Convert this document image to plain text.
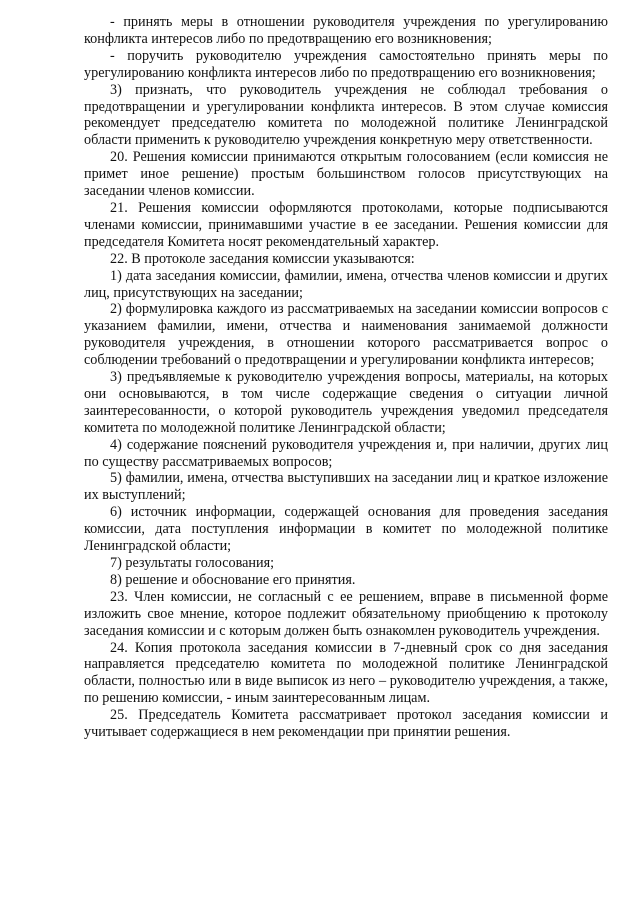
- принять меры в отношении руководителя учреждения по урегулированию конфликта интересов либо по предотвращению его возникновения;

- поручить руководителю учреждения самостоятельно принять меры по урегулированию конфликта интересов либо по предотвращению его возникновения;

3) признать, что руководитель учреждения не соблюдал требования о предотвращении и урегулировании конфликта интересов. В этом случае комиссия рекомендует председателю комитета по молодежной политике Ленинградской области применить к руководителю учреждения конкретную меру ответственности.

20. Решения комиссии принимаются открытым голосованием (если комиссия не примет иное решение) простым большинством голосов присутствующих на заседании членов комиссии.

21. Решения комиссии оформляются протоколами, которые подписываются членами комиссии, принимавшими участие в ее заседании. Решения комиссии для председателя Комитета носят рекомендательный характер.

22. В протоколе заседания комиссии указываются:

1) дата заседания комиссии, фамилии, имена, отчества членов комиссии и других лиц, присутствующих на заседании;

2) формулировка каждого из рассматриваемых на заседании комиссии вопросов с указанием фамилии, имени, отчества и наименования занимаемой должности руководителя учреждения, в отношении которого рассматривается вопрос о соблюдении требований о предотвращении и урегулировании конфликта интересов;

3) предъявляемые к руководителю учреждения вопросы, материалы, на которых они основываются, в том числе содержащие сведения о ситуации личной заинтересованности, о которой руководитель учреждения уведомил председателя комитета по молодежной политике Ленинградской области;

4) содержание пояснений руководителя учреждения и, при наличии, других лиц по существу рассматриваемых вопросов;

5) фамилии, имена, отчества выступивших на заседании лиц и краткое изложение их выступлений;

6) источник информации, содержащей основания для проведения заседания комиссии, дата поступления информации в комитет по молодежной политике Ленинградской области;

7) результаты голосования;

8) решение и обоснование его принятия.

23. Член комиссии, не согласный с ее решением, вправе в письменной форме изложить свое мнение, которое подлежит обязательному приобщению к протоколу заседания комиссии и с которым должен быть ознакомлен руководитель учреждения.

24. Копия протокола заседания комиссии в 7-дневный срок со дня заседания направляется председателю комитета по молодежной политике Ленинградской области, полностью или в виде выписок из него – руководителю учреждения, а также, по решению комиссии, - иным заинтересованным лицам.

25. Председатель Комитета рассматривает протокол заседания комиссии и учитывает содержащиеся в нем рекомендации при принятии решения.
